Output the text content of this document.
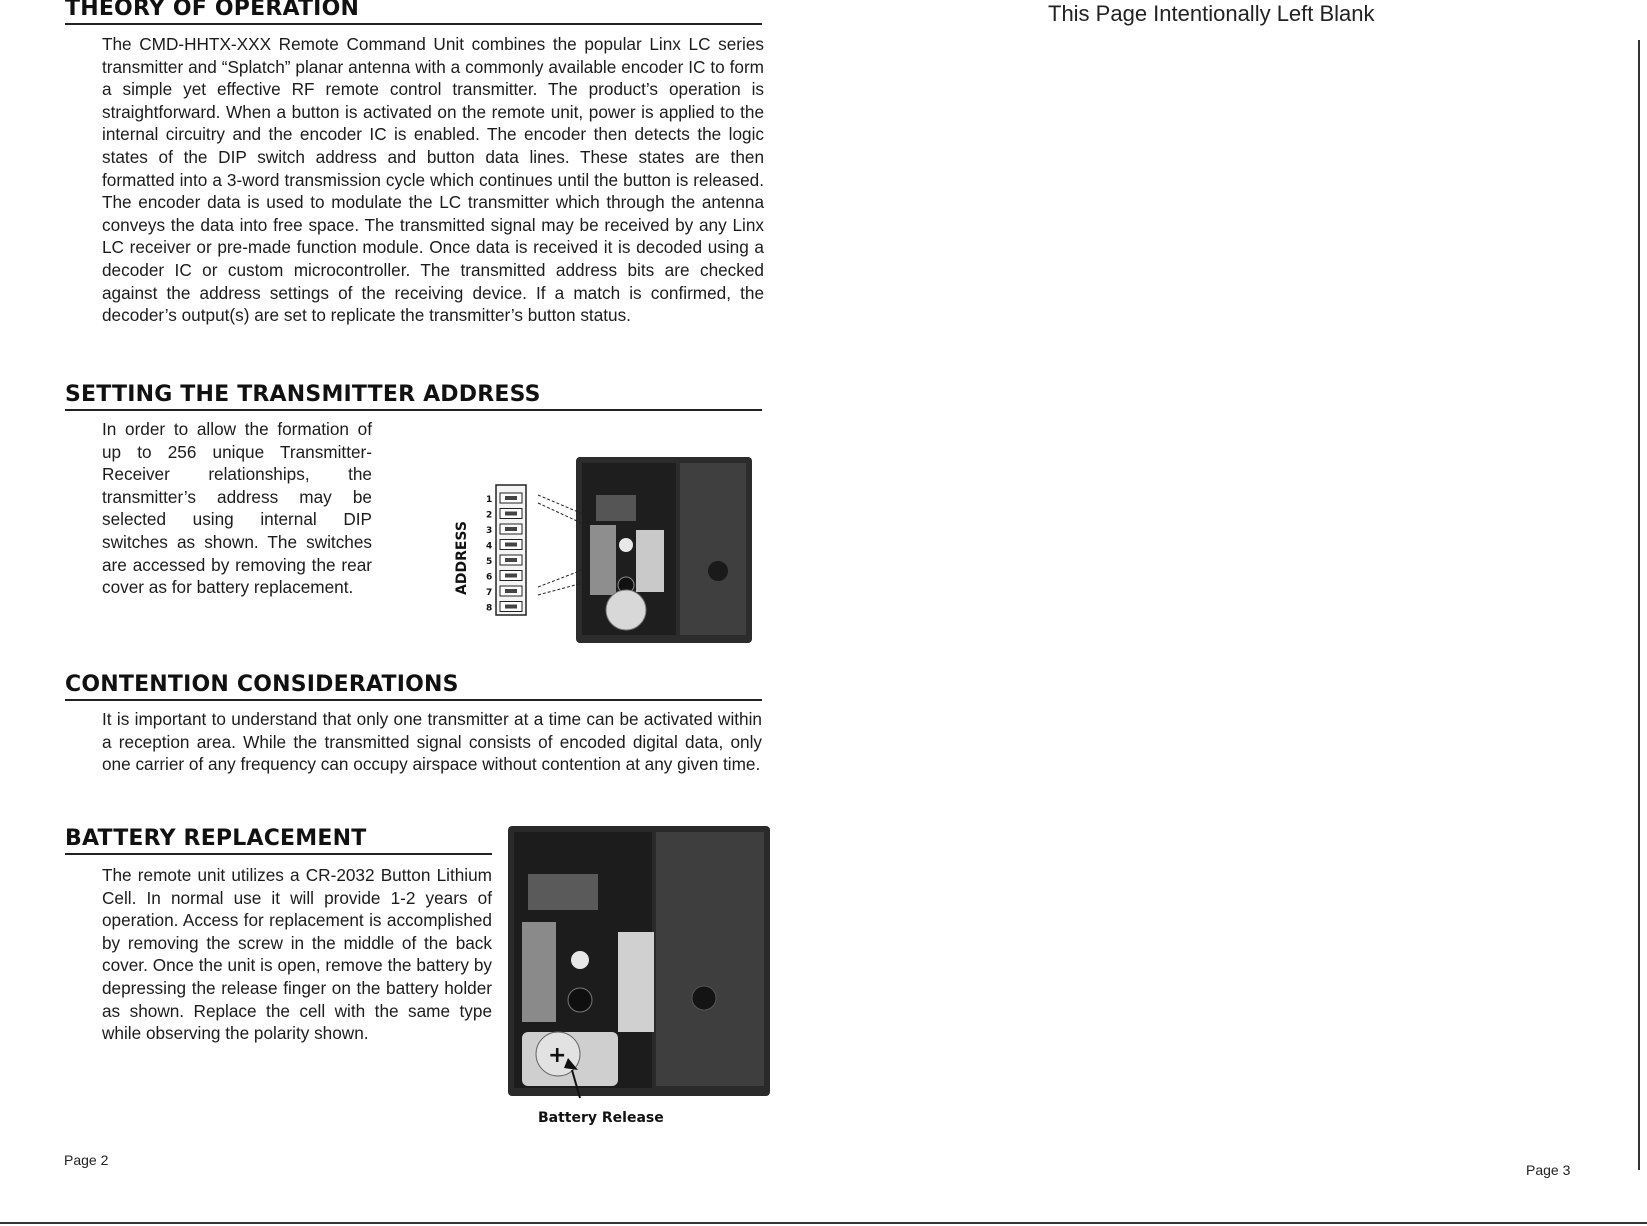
THEORY OF OPERATION

The CMD-HHTX-XXX Remote Command Unit combines the popular Linx LC series transmitter and “Splatch” planar antenna with a commonly available encoder IC to form a simple yet effective RF remote control transmitter. The product’s operation is straightforward. When a button is activated on the remote unit, power is applied to the internal circuitry and the encoder IC is enabled. The encoder then detects the logic states of the DIP switch address and button data lines. These states are then formatted into a 3-word transmission cycle which continues until the button is released. The encoder data is used to modulate the LC transmitter which through the antenna conveys the data into free space. The transmitted signal may be received by any Linx LC receiver or pre-made function module. Once data is received it is decoded using a decoder IC or custom microcontroller. The transmitted address bits are checked against the address settings of the receiving device. If a match is confirmed, the decoder’s output(s) are set to replicate the transmitter’s button status.

SETTING THE TRANSMITTER ADDRESS

In order to allow the formation of up to 256 unique Transmitter-Receiver relationships, the transmitter’s address may be selected using internal DIP switches as shown. The switches are accessed by removing the rear cover as for battery replacement.

1
2
3
4
5
6
7
8
ADDRESS
CONTENTION CONSIDERATIONS

It is important to understand that only one transmitter at a time can be activated within a reception area. While the transmitted signal consists of encoded digital data, only one carrier of any frequency can occupy airspace without contention at any given time.

BATTERY REPLACEMENT

The remote unit utilizes a CR-2032 Button Lithium Cell. In normal use it will provide 1-2 years of operation. Access for replacement is accomplished by removing the screw in the middle of the back cover. Once the unit is open, remove the battery by depressing the release finger on the battery holder as shown. Replace the cell with the same type while observing the polarity shown.

+
Battery Release
Page 2
This Page Intentionally Left Blank
Page 3
